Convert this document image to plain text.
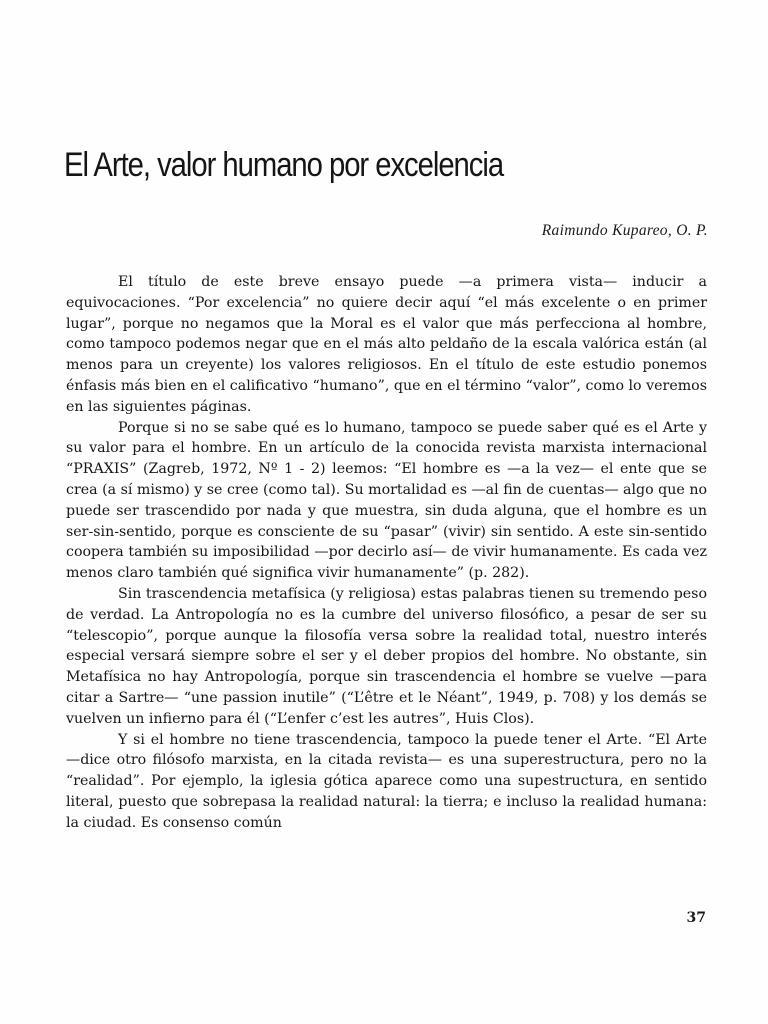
El Arte, valor humano por excelencia

Raimundo Kupareo, O. P.

El título de este breve ensayo puede —a primera vista— inducir a equivocaciones. “Por excelencia” no quiere decir aquí “el más excelente o en primer lugar”, porque no negamos que la Moral es el valor que más perfecciona al hombre, como tampoco podemos negar que en el más alto peldaño de la escala valórica están (al menos para un creyente) los valores religiosos. En el título de este estudio ponemos énfasis más bien en el calificativo “humano”, que en el término “valor”, como lo veremos en las siguientes páginas.

Porque si no se sabe qué es lo humano, tampoco se puede saber qué es el Arte y su valor para el hombre. En un artículo de la conocida revista marxista internacional “PRAXIS” (Zagreb, 1972, Nº 1 - 2) leemos: “El hombre es —a la vez— el ente que se crea (a sí mismo) y se cree (como tal). Su mortalidad es —al fin de cuentas— algo que no puede ser trascendido por nada y que muestra, sin duda alguna, que el hombre es un ser-sin-sentido, porque es consciente de su “pasar” (vivir) sin sentido. A este sin-sentido coopera también su imposibilidad —por decirlo así— de vivir humanamente. Es cada vez menos claro también qué significa vivir humanamente” (p. 282).

Sin trascendencia metafísica (y religiosa) estas palabras tienen su tremendo peso de verdad. La Antropología no es la cumbre del universo filosófico, a pesar de ser su “telescopio”, porque aunque la filosofía versa sobre la realidad total, nuestro interés especial versará siempre sobre el ser y el deber propios del hombre. No obstante, sin Metafísica no hay Antropología, porque sin trascendencia el hombre se vuelve —para citar a Sartre— “une passion inutile” (“L’être et le Néant”, 1949, p. 708) y los demás se vuelven un infierno para él (“L’enfer c’est les autres”, Huis Clos).

Y si el hombre no tiene trascendencia, tampoco la puede tener el Arte. “El Arte —dice otro filósofo marxista, en la citada revista— es una superestructura, pero no la “realidad”. Por ejemplo, la iglesia gótica aparece como una supestructura, en sentido literal, puesto que sobrepasa la realidad natural: la tierra; e incluso la realidad humana: la ciudad. Es consenso común

37
